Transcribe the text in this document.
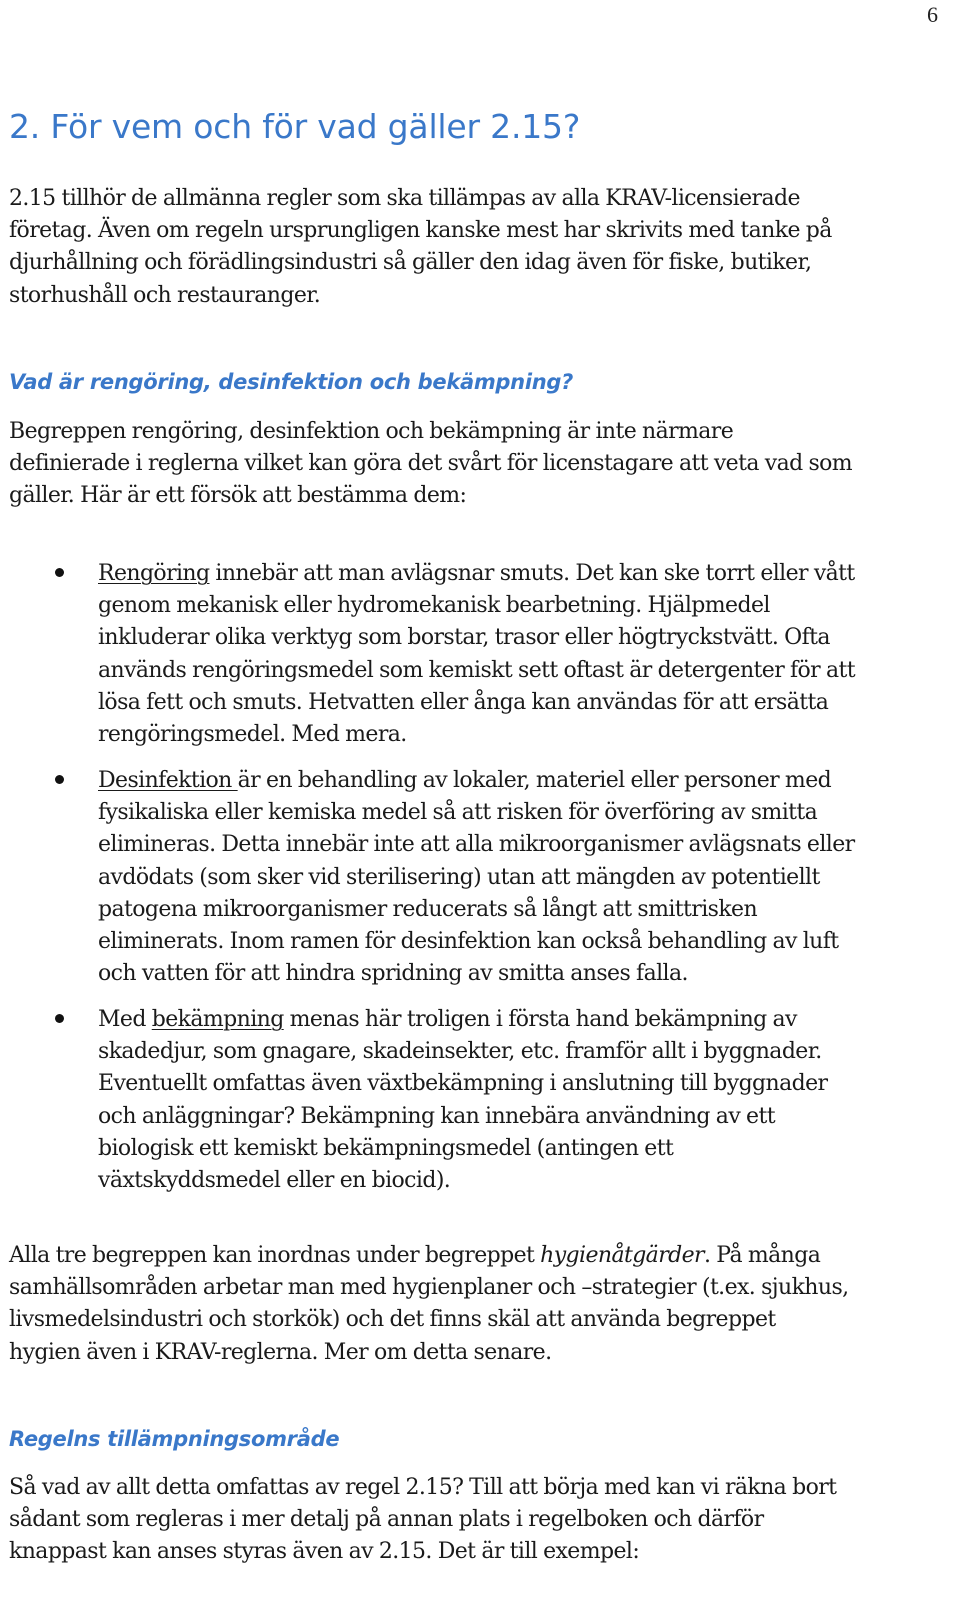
6
2. För vem och för vad gäller 2.15?

2.15 tillhör de allmänna regler som ska tillämpas av alla KRAV-licensierade
företag. Även om regeln ursprungligen kanske mest har skrivits med tanke på
djurhållning och förädlingsindustri så gäller den idag även för fiske, butiker,
storhushåll och restauranger.

Vad är rengöring, desinfektion och bekämpning?

Begreppen rengöring, desinfektion och bekämpning är inte närmare
definierade i reglerna vilket kan göra det svårt för licenstagare att veta vad som
gäller. Här är ett försök att bestämma dem:

Rengöring innebär att man avlägsnar smuts. Det kan ske torrt eller vått
genom mekanisk eller hydromekanisk bearbetning. Hjälpmedel
inkluderar olika verktyg som borstar, trasor eller högtryckstvätt. Ofta
används rengöringsmedel som kemiskt sett oftast är detergenter för att
lösa fett och smuts. Hetvatten eller ånga kan användas för att ersätta
rengöringsmedel. Med mera.
Desinfektion är en behandling av lokaler, materiel eller personer med
fysikaliska eller kemiska medel så att risken för överföring av smitta
elimineras. Detta innebär inte att alla mikroorganismer avlägsnats eller
avdödats (som sker vid sterilisering) utan att mängden av potentiellt
patogena mikroorganismer reducerats så långt att smittrisken
eliminerats. Inom ramen för desinfektion kan också behandling av luft
och vatten för att hindra spridning av smitta anses falla.
Med bekämpning menas här troligen i första hand bekämpning av
skadedjur, som gnagare, skadeinsekter, etc. framför allt i byggnader.
Eventuellt omfattas även växtbekämpning i anslutning till byggnader
och anläggningar? Bekämpning kan innebära användning av ett
biologisk ett kemiskt bekämpningsmedel (antingen ett
växtskyddsmedel eller en biocid).

Alla tre begreppen kan inordnas under begreppet hygienåtgärder. På många
samhällsområden arbetar man med hygienplaner och –strategier (t.ex. sjukhus,
livsmedelsindustri och storkök) och det finns skäl att använda begreppet
hygien även i KRAV-reglerna. Mer om detta senare.

Regelns tillämpningsområde

Så vad av allt detta omfattas av regel 2.15? Till att börja med kan vi räkna bort
sådant som regleras i mer detalj på annan plats i regelboken och därför
knappast kan anses styras även av 2.15. Det är till exempel:
